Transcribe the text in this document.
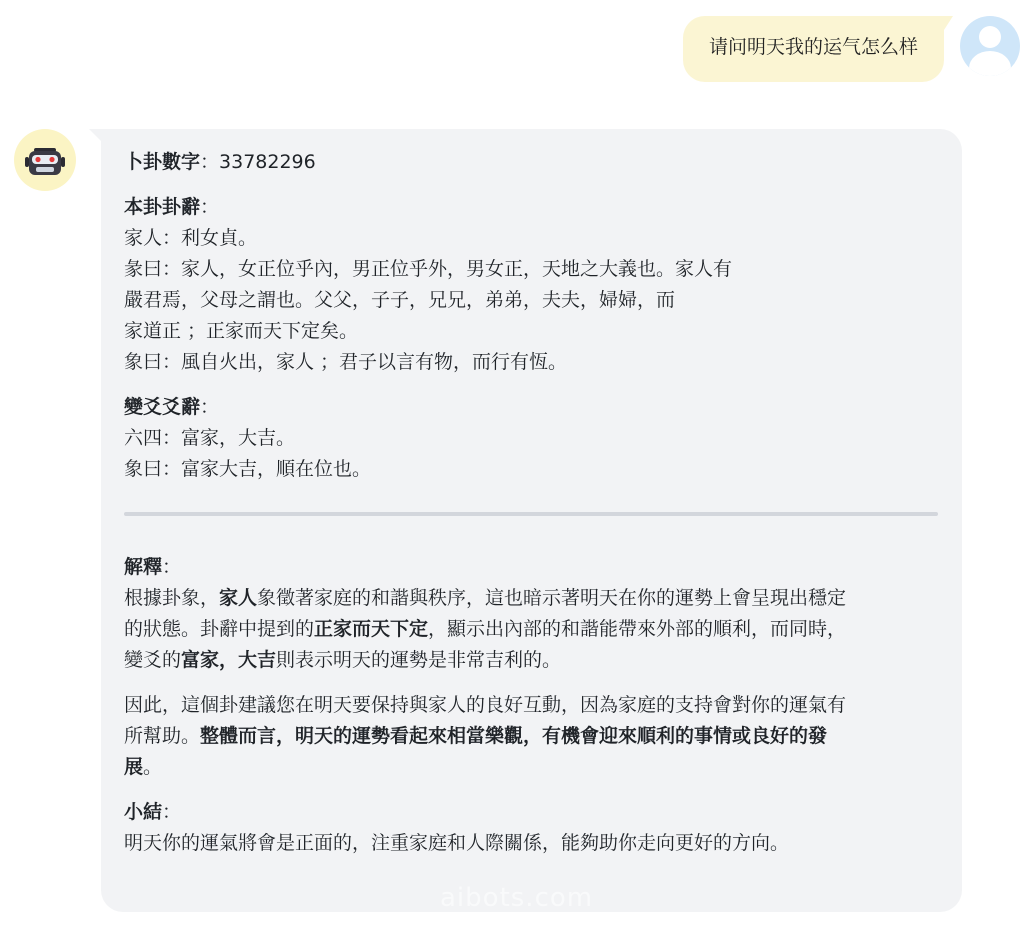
请问明天我的运气怎么样

卜卦數字：33782296

本卦卦辭：
家人：利女貞。
彖曰：家人，女正位乎內，男正位乎外，男女正，天地之大義也。家人有
嚴君焉，父母之謂也。父父，子子，兄兄，弟弟，夫夫，婦婦，而
家道正 ；正家而天下定矣。
象曰：風自火出，家人 ；君子以言有物，而行有恆。
變爻爻辭：
六四：富家，大吉。
象曰：富家大吉，順在位也。
解釋：
根據卦象，家人象徵著家庭的和諧與秩序，這也暗示著明天在你的運勢上會呈現出穩定
的狀態。卦辭中提到的正家而天下定，顯示出內部的和諧能帶來外部的順利，而同時，
變爻的富家，大吉則表示明天的運勢是非常吉利的。
因此，這個卦建議您在明天要保持與家人的良好互動，因為家庭的支持會對你的運氣有
所幫助。整體而言，明天的運勢看起來相當樂觀，有機會迎來順利的事情或良好的發
展。
小結：
明天你的運氣將會是正面的，注重家庭和人際關係，能夠助你走向更好的方向。
aibots.com
